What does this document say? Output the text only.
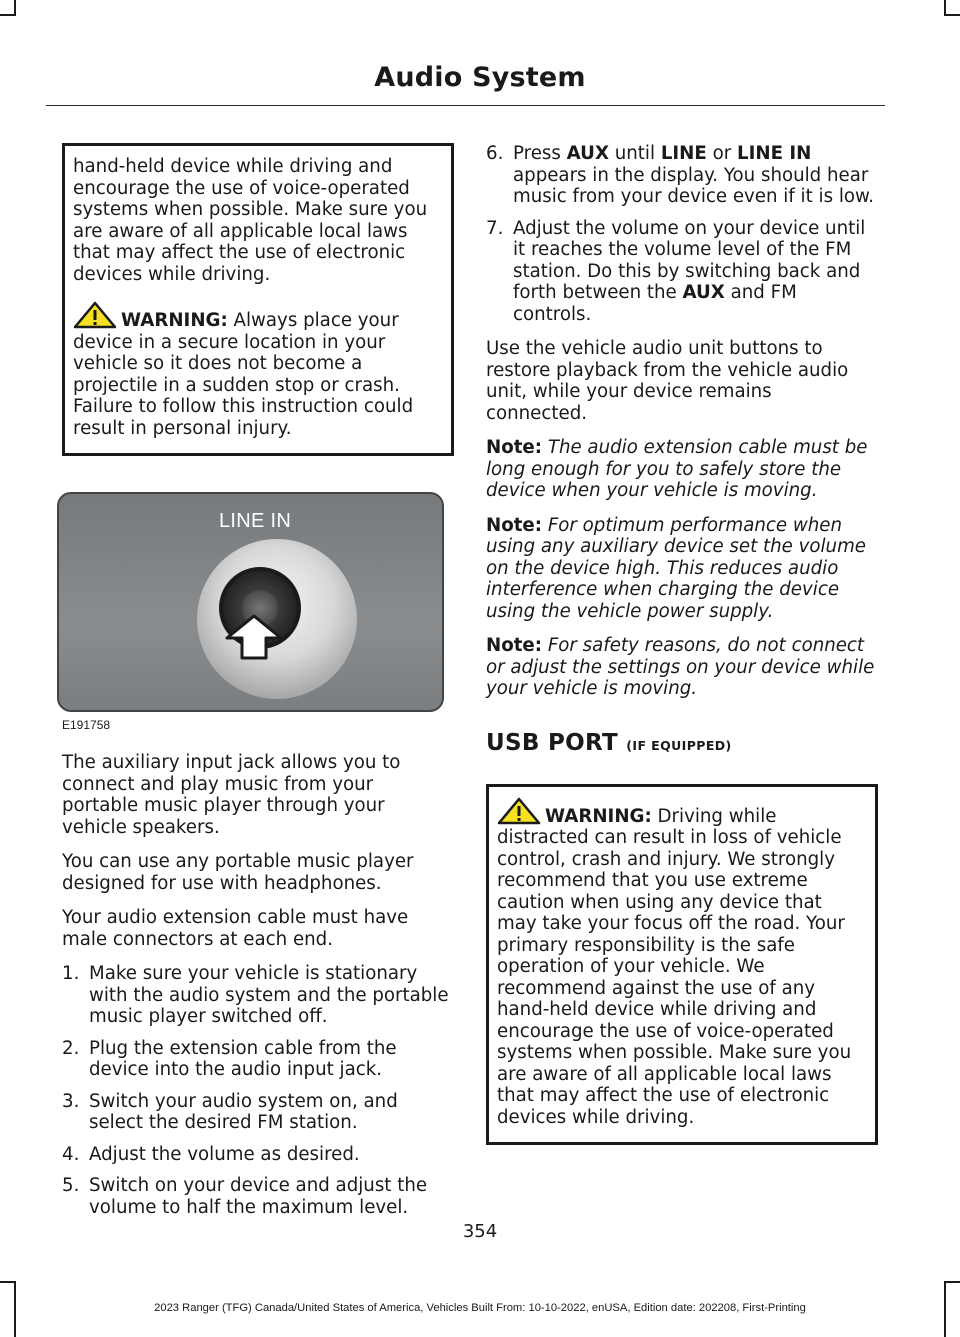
Audio System

hand-held device while driving and encourage the use of voice-operated systems when possible. Make sure you are aware of all applicable local laws that may affect the use of electronic devices while driving.

WARNING: Always place your device in a secure location in your vehicle so it does not become a projectile in a sudden stop or crash. Failure to follow this instruction could result in personal injury.

LINE IN
E191758

The auxiliary input jack allows you to connect and play music from your portable music player through your vehicle speakers.

You can use any portable music player designed for use with headphones.

Your audio extension cable must have male connectors at each end.

1. Make sure your vehicle is stationary with the audio system and the portable music player switched off.
2. Plug the extension cable from the device into the audio input jack.
3. Switch your audio system on, and select the desired FM station.
4. Adjust the volume as desired.
5. Switch on your device and adjust the volume to half the maximum level.
6. Press AUX until LINE or LINE IN appears in the display. You should hear music from your device even if it is low.
7. Adjust the volume on your device until it reaches the volume level of the FM station. Do this by switching back and forth between the AUX and FM controls.

Use the vehicle audio unit buttons to restore playback from the vehicle audio unit, while your device remains connected.

Note: The audio extension cable must be long enough for you to safely store the device when your vehicle is moving.

Note: For optimum performance when using any auxiliary device set the volume on the device high. This reduces audio interference when charging the device using the vehicle power supply.

Note: For safety reasons, do not connect or adjust the settings on your device while your vehicle is moving.

USB PORT (IF EQUIPPED)

WARNING: Driving while distracted can result in loss of vehicle control, crash and injury. We strongly recommend that you use extreme caution when using any device that may take your focus off the road. Your primary responsibility is the safe operation of your vehicle. We recommend against the use of any hand-held device while driving and encourage the use of voice-operated systems when possible. Make sure you are aware of all applicable local laws that may affect the use of electronic devices while driving.

354
2023 Ranger (TFG) Canada/United States of America, Vehicles Built From: 10-10-2022, enUSA, Edition date: 202208, First-Printing
